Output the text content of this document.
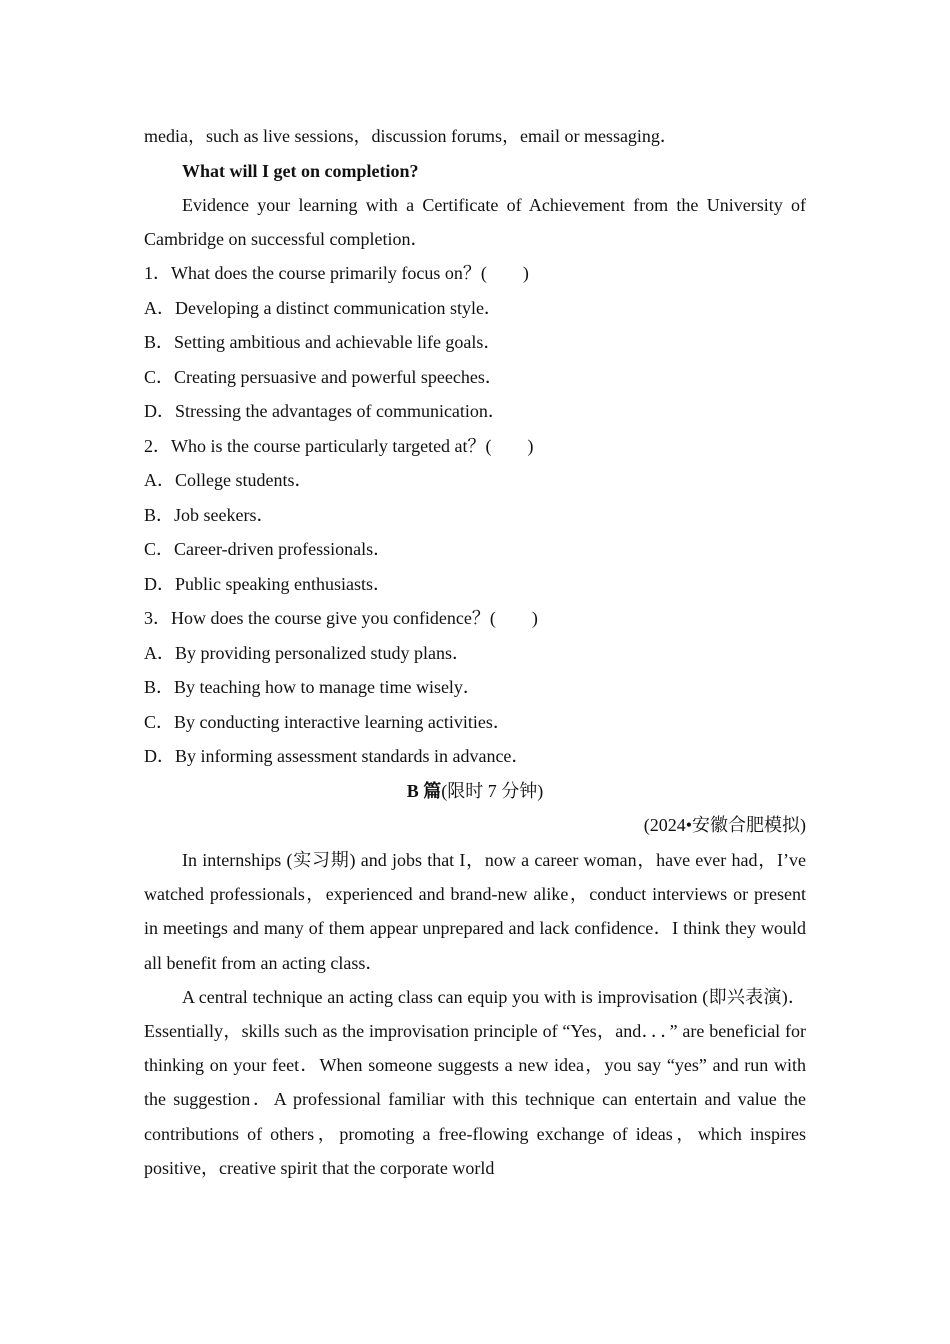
media，such as live sessions，discussion forums，email or messaging．
What will I get on completion?
Evidence your learning with a Certificate of Achievement from the University of Cambridge on successful completion．
1．What does the course primarily focus on？( )
A．Developing a distinct communication style．
B．Setting ambitious and achievable life goals．
C．Creating persuasive and powerful speeches．
D．Stressing the advantages of communication．
2．Who is the course particularly targeted at？( )
A．College students．
B．Job seekers．
C．Career-driven professionals．
D．Public speaking enthusiasts．
3．How does the course give you confidence？( )
A．By providing personalized study plans．
B．By teaching how to manage time wisely．
C．By conducting interactive learning activities．
D．By informing assessment standards in advance．
B 篇(限时 7 分钟)
(2024•安徽合肥模拟)
In internships (实习期) and jobs that I，now a career woman，have ever had，I’ve watched professionals，experienced and brand-new alike，conduct interviews or present in meetings and many of them appear unprepared and lack confidence．I think they would all benefit from an acting class．
A central technique an acting class can equip you with is improvisation (即兴表演)．Essentially，skills such as the improvisation principle of “Yes，and．．．” are beneficial for thinking on your feet．When someone suggests a new idea，you say “yes” and run with the suggestion．A professional familiar with this technique can entertain and value the contributions of others，promoting a free-flowing exchange of ideas，which inspires positive，creative spirit that the corporate world
